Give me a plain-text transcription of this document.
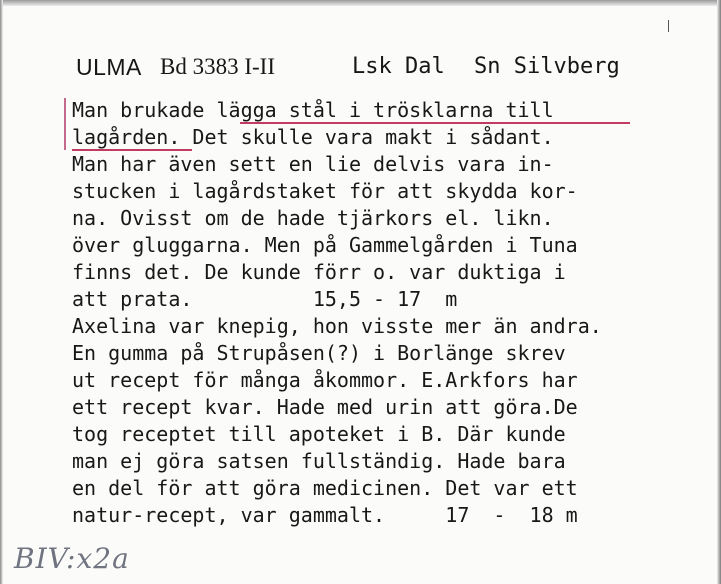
ULMA Bd 3383 I-II	Lsk Dal Sn Silvberg
Man brukade lägga stål i trösklarna till
lagården. Det skulle vara makt i sådant.
Man har även sett en lie delvis vara in-
stucken i lagårdstaket för att skydda kor-
na. Ovisst om de hade tjärkors el. likn.
över gluggarna. Men på Gammelgården i Tuna
finns det. De kunde förr o. var duktiga i
att prata.          15,5 - 17  m
Axelina var knepig, hon visste mer än andra.
En gumma på Strupåsen(?) i Borlänge skrev
ut recept för många åkommor. E.Arkfors har
ett recept kvar. Hade med urin att göra.De
tog receptet till apoteket i B. Där kunde
man ej göra satsen fullständig. Hade bara
en del för att göra medicinen. Det var ett
natur-recept, var gammalt.     17  -  18 m
BIV:x2a
